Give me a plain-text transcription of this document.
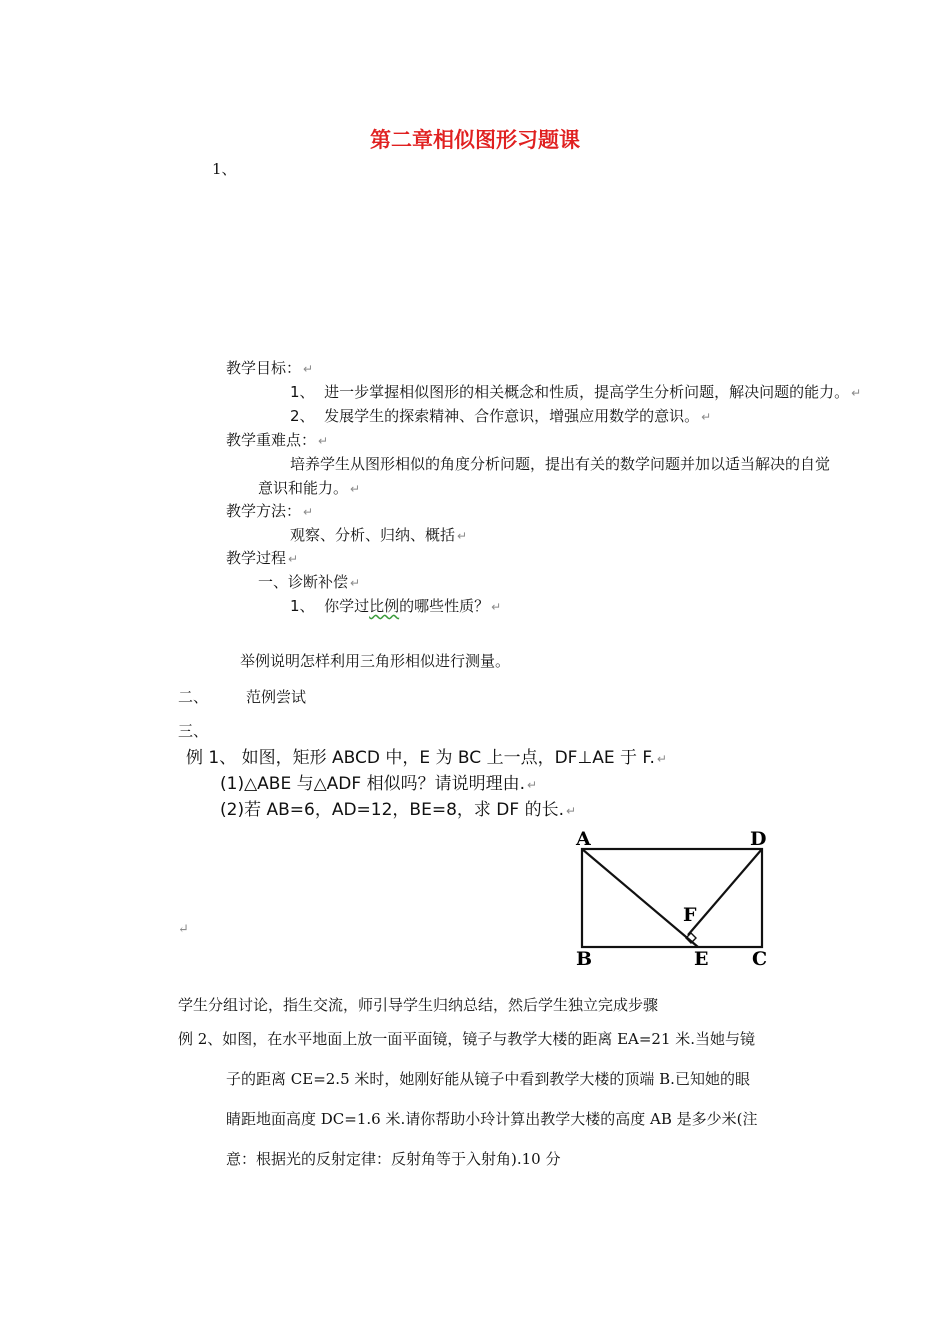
第二章相似图形习题课
1、
教学目标： ↵
1、 进一步掌握相似图形的相关概念和性质，提高学生分析问题，解决问题的能力。 ↵
2、 发展学生的探索精神、合作意识，增强应用数学的意识。 ↵
教学重难点： ↵
培养学生从图形相似的角度分析问题，提出有关的数学问题并加以适当解决的自觉
意识和能力。 ↵
教学方法： ↵
观察、分析、归纳、概括 ↵
教学过程 ↵
一、诊断补偿 ↵
1、 你学过比例的哪些性质？ ↵
举例说明怎样利用三角形相似进行测量。
二、	范例尝试
三、
例 1、 如图，矩形 ABCD 中，E 为 BC 上一点，DF⊥AE 于 F. ↵
(1)△ABE 与△ADF 相似吗？请说明理由. ↵
(2)若 AB=6，AD=12，BE=8，求 DF 的长. ↵
↵
A	D
B	E C
F
学生分组讨论，指生交流，师引导学生归纳总结，然后学生独立完成步骤
例 2、如图，在水平地面上放一面平面镜，镜子与教学大楼的距离 EA=21 米.当她与镜
子的距离 CE=2.5 米时，她刚好能从镜子中看到教学大楼的顶端 B.已知她的眼
睛距地面高度 DC=1.6 米.请你帮助小玲计算出教学大楼的高度 AB 是多少米(注
意：根据光的反射定律：反射角等于入射角).10 分
